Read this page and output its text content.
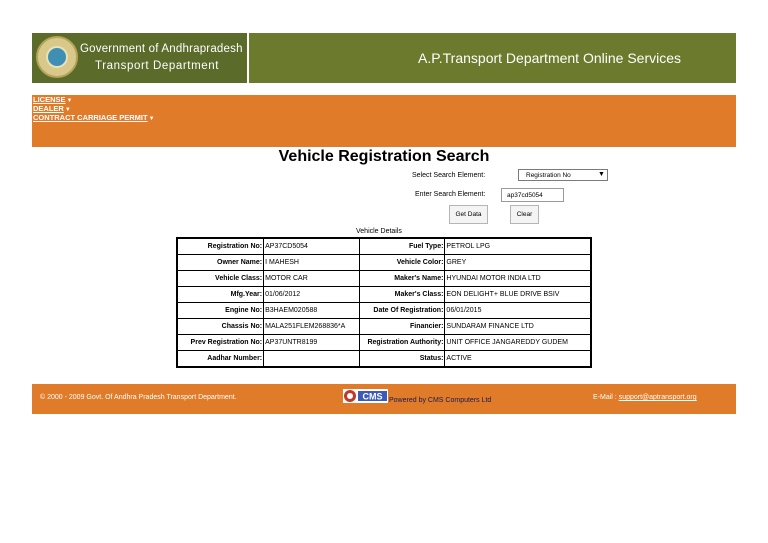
Government of Andhrapradesh
Transport Department	A.P.Transport Department Online Services
LICENSE▼
DEALER▼
CONTRACT CARRIAGE PERMIT▼
Vehicle Registration Search
Select Search Element:	Registration No	▼
Enter Search Element:
ap37cd5054
Get Data	Clear
Vehicle Details
Registration No:	AP37CD5054	Fuel Type:	PETROL LPG
Owner Name:	I MAHESH	Vehicle Color:	GREY
Vehicle Class:	MOTOR CAR	Maker's Name:	HYUNDAI MOTOR INDIA LTD
Mfg.Year:	01/06/2012	Maker's Class:	EON DELIGHT+ BLUE DRIVE BSIV
Engine No:	B3HAEM020588	Date Of Registration:	06/01/2015
Chassis No:	MALA251FLEM268836*A	Financier:	SUNDARAM FINANCE LTD
Prev Registration No:	AP37UNTR8199	Registration Authority:	UNIT OFFICE JANGAREDDY GUDEM
Aadhar Number:		Status:	ACTIVE
© 2000 - 2009 Govt. Of Andhra Pradesh Transport Department.	CMS Powered by CMS Computers Ltd	E-Mail : support@aptransport.org
